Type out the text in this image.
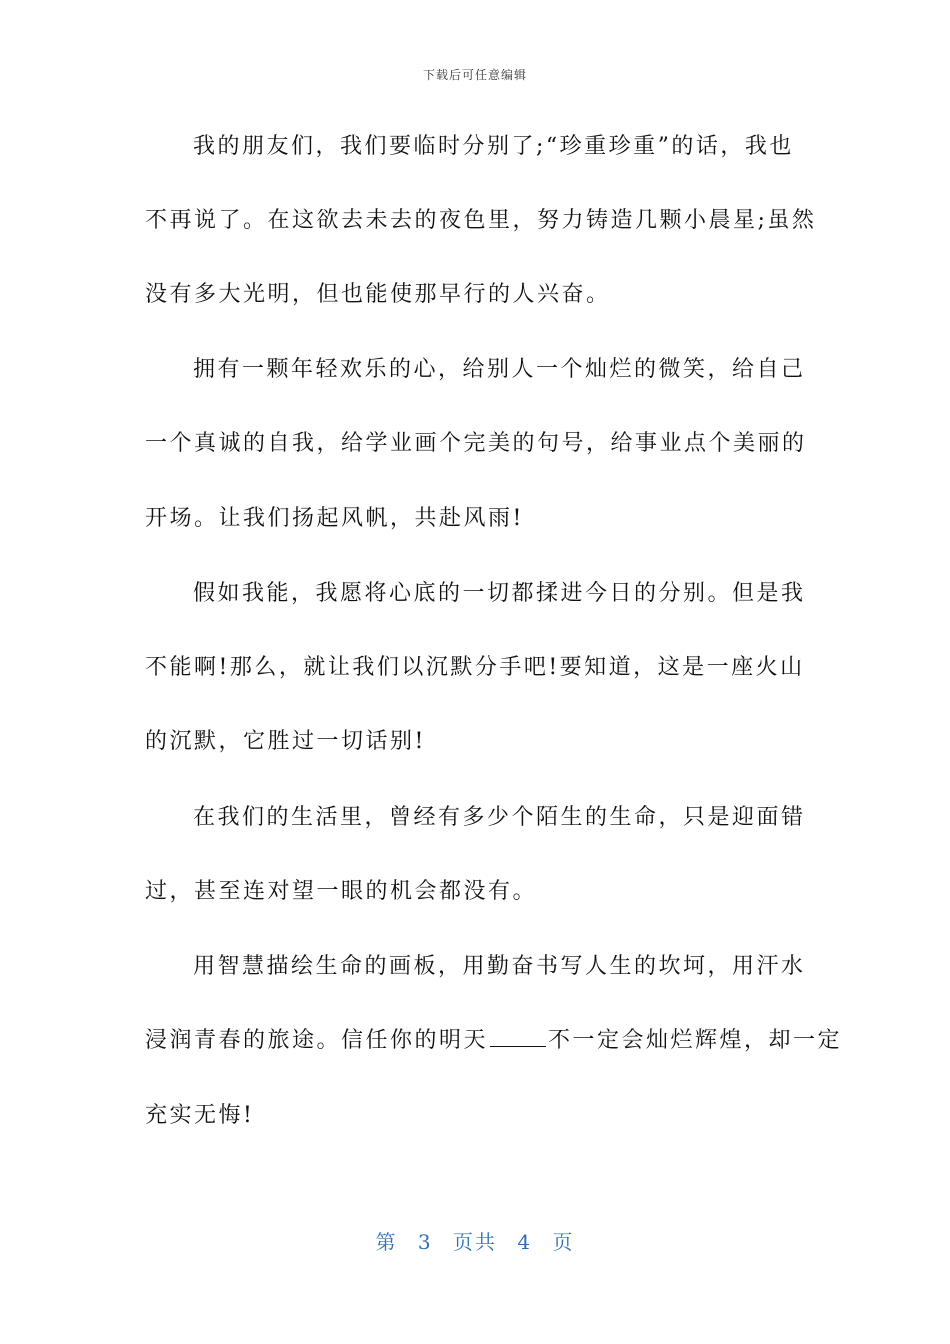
下载后可任意编辑
我的朋友们，我们要临时分别了;“珍重珍重”的话，我也
不再说了。在这欲去未去的夜色里，努力铸造几颗小晨星;虽然
没有多大光明，但也能使那早行的人兴奋。
拥有一颗年轻欢乐的心，给别人一个灿烂的微笑，给自己
一个真诚的自我，给学业画个完美的句号，给事业点个美丽的
开场。让我们扬起风帆，共赴风雨!
假如我能，我愿将心底的一切都揉进今日的分别。但是我
不能啊!那么，就让我们以沉默分手吧!要知道，这是一座火山
的沉默，它胜过一切话别!
在我们的生活里，曾经有多少个陌生的生命，只是迎面错
过，甚至连对望一眼的机会都没有。
用智慧描绘生命的画板，用勤奋书写人生的坎坷，用汗水
浸润青春的旅途。信任你的明天	不一定会灿烂辉煌，却一定
充实无悔!
第 3 页共 4 页
